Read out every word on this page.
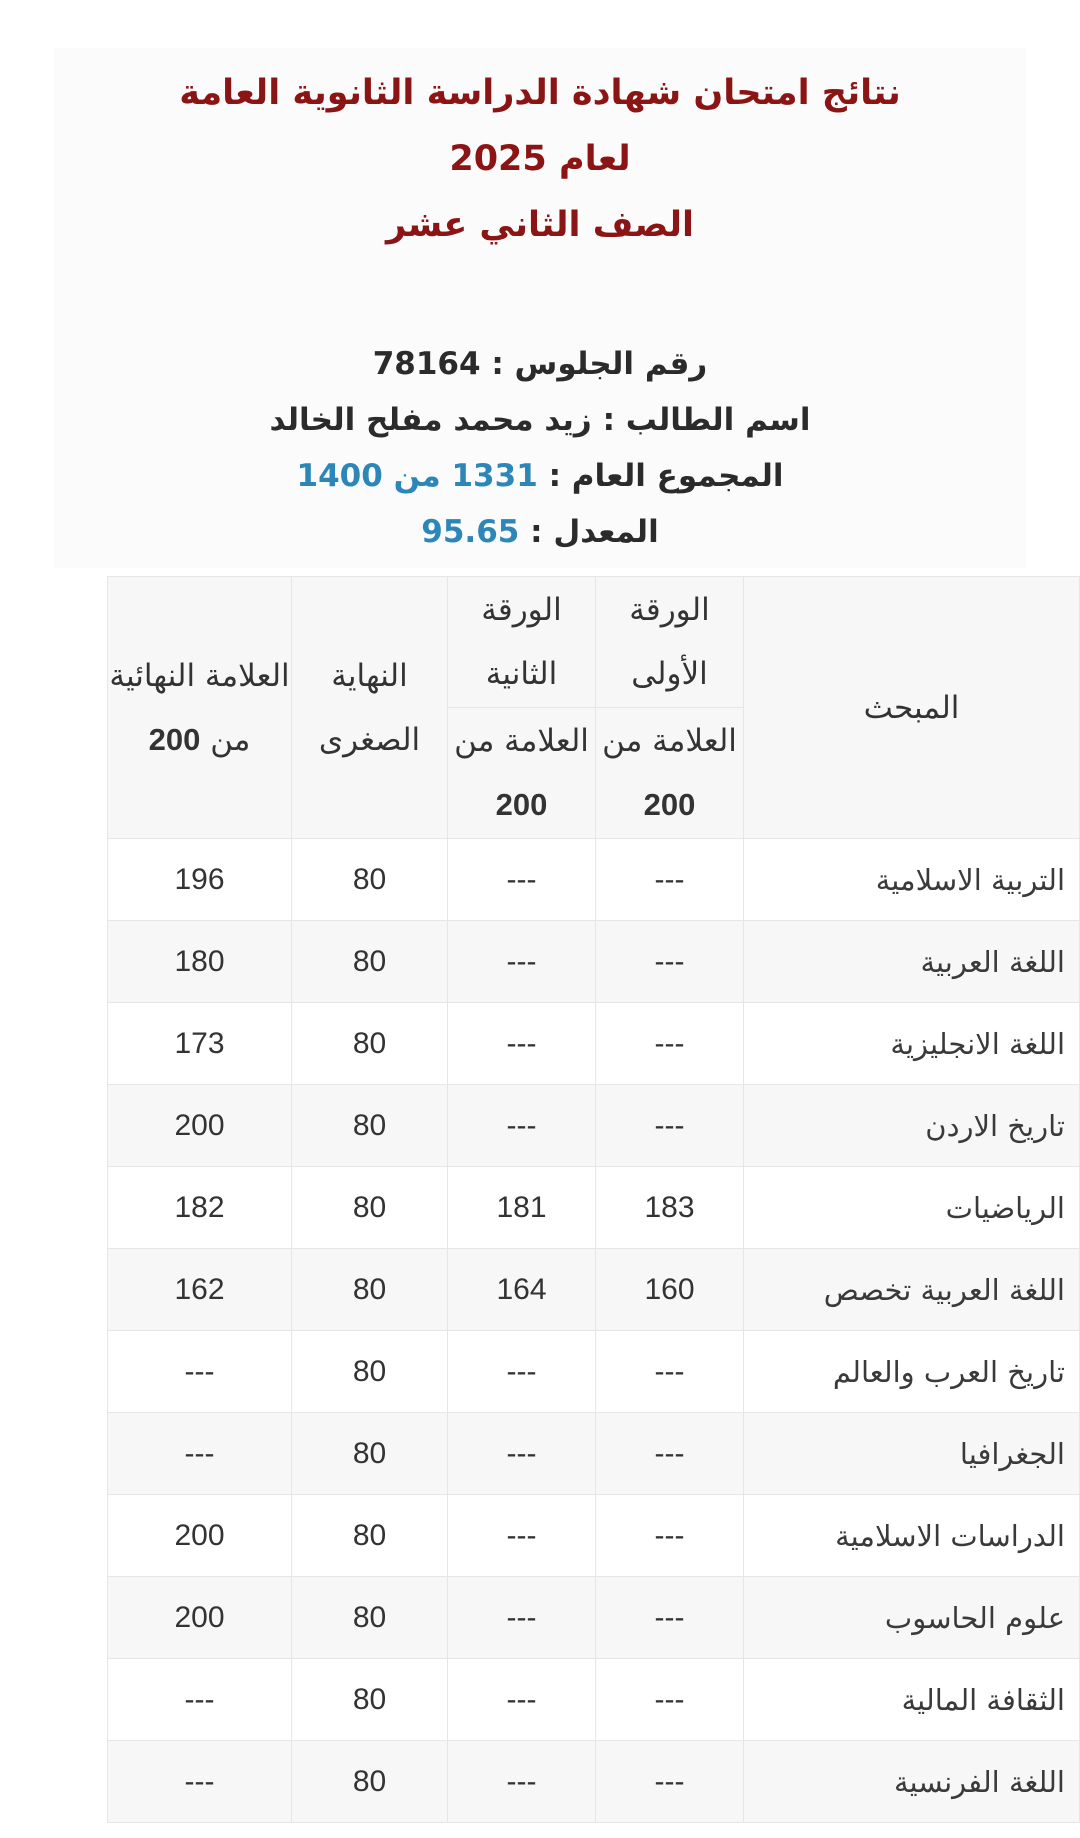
نتائج امتحان شهادة الدراسة الثانوية العامة

لعام 2025

الصف الثاني عشر

رقم الجلوس : 78164
اسم الطالب : زيد محمد مفلح الخالد
المجموع العام : 1331 من 1400
المعدل : 95.65
المبحث	الورقة الأولى	الورقة الثانية	النهاية الصغرى	العلامة النهائية من 200
	العلامة من 200	العلامة من 200		
التربية الاسلامية	---	---	80	196
اللغة العربية	---	---	80	180
اللغة الانجليزية	---	---	80	173
تاريخ الاردن	---	---	80	200
الرياضيات	183	181	80	182
اللغة العربية تخصص	160	164	80	162
تاريخ العرب والعالم	---	---	80	---
الجغرافيا	---	---	80	---
الدراسات الاسلامية	---	---	80	200
علوم الحاسوب	---	---	80	200
الثقافة المالية	---	---	80	---
اللغة الفرنسية	---	---	80	---
